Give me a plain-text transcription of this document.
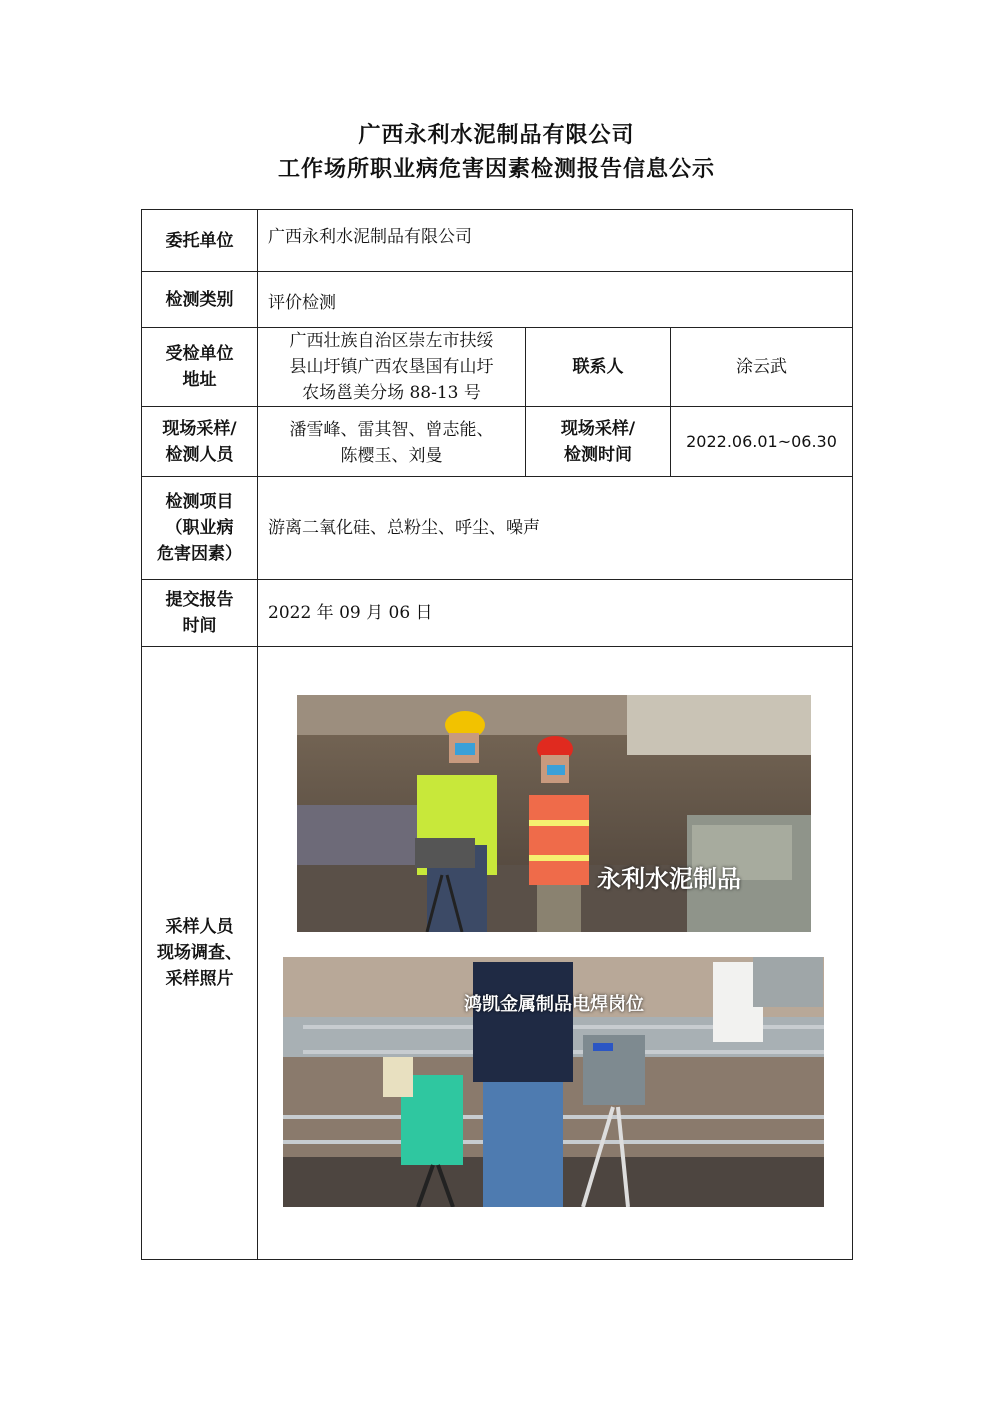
广西永利水泥制品有限公司
工作场所职业病危害因素检测报告信息公示
委托单位	广西永利水泥制品有限公司		
检测类别	评价检测		

受检单位
地址	广西壮族自治区崇左市扶绥
县山圩镇广西农垦国有山圩
农场邕美分场 88-13 号	联系人	涂云武

现场采样/
检测人员	潘雪峰、雷其智、曾志能、
陈樱玉、刘曼	现场采样/
检测时间	2022.06.01~06.30

检测项目
（职业病
危害因素）	游离二氧化硅、总粉尘、呼尘、噪声		

提交报告
时间	2022 年 09 月 06 日		

采样人员
现场调查、
采样照片			

永利水泥制品
鸿凯金属制品电焊岗位
